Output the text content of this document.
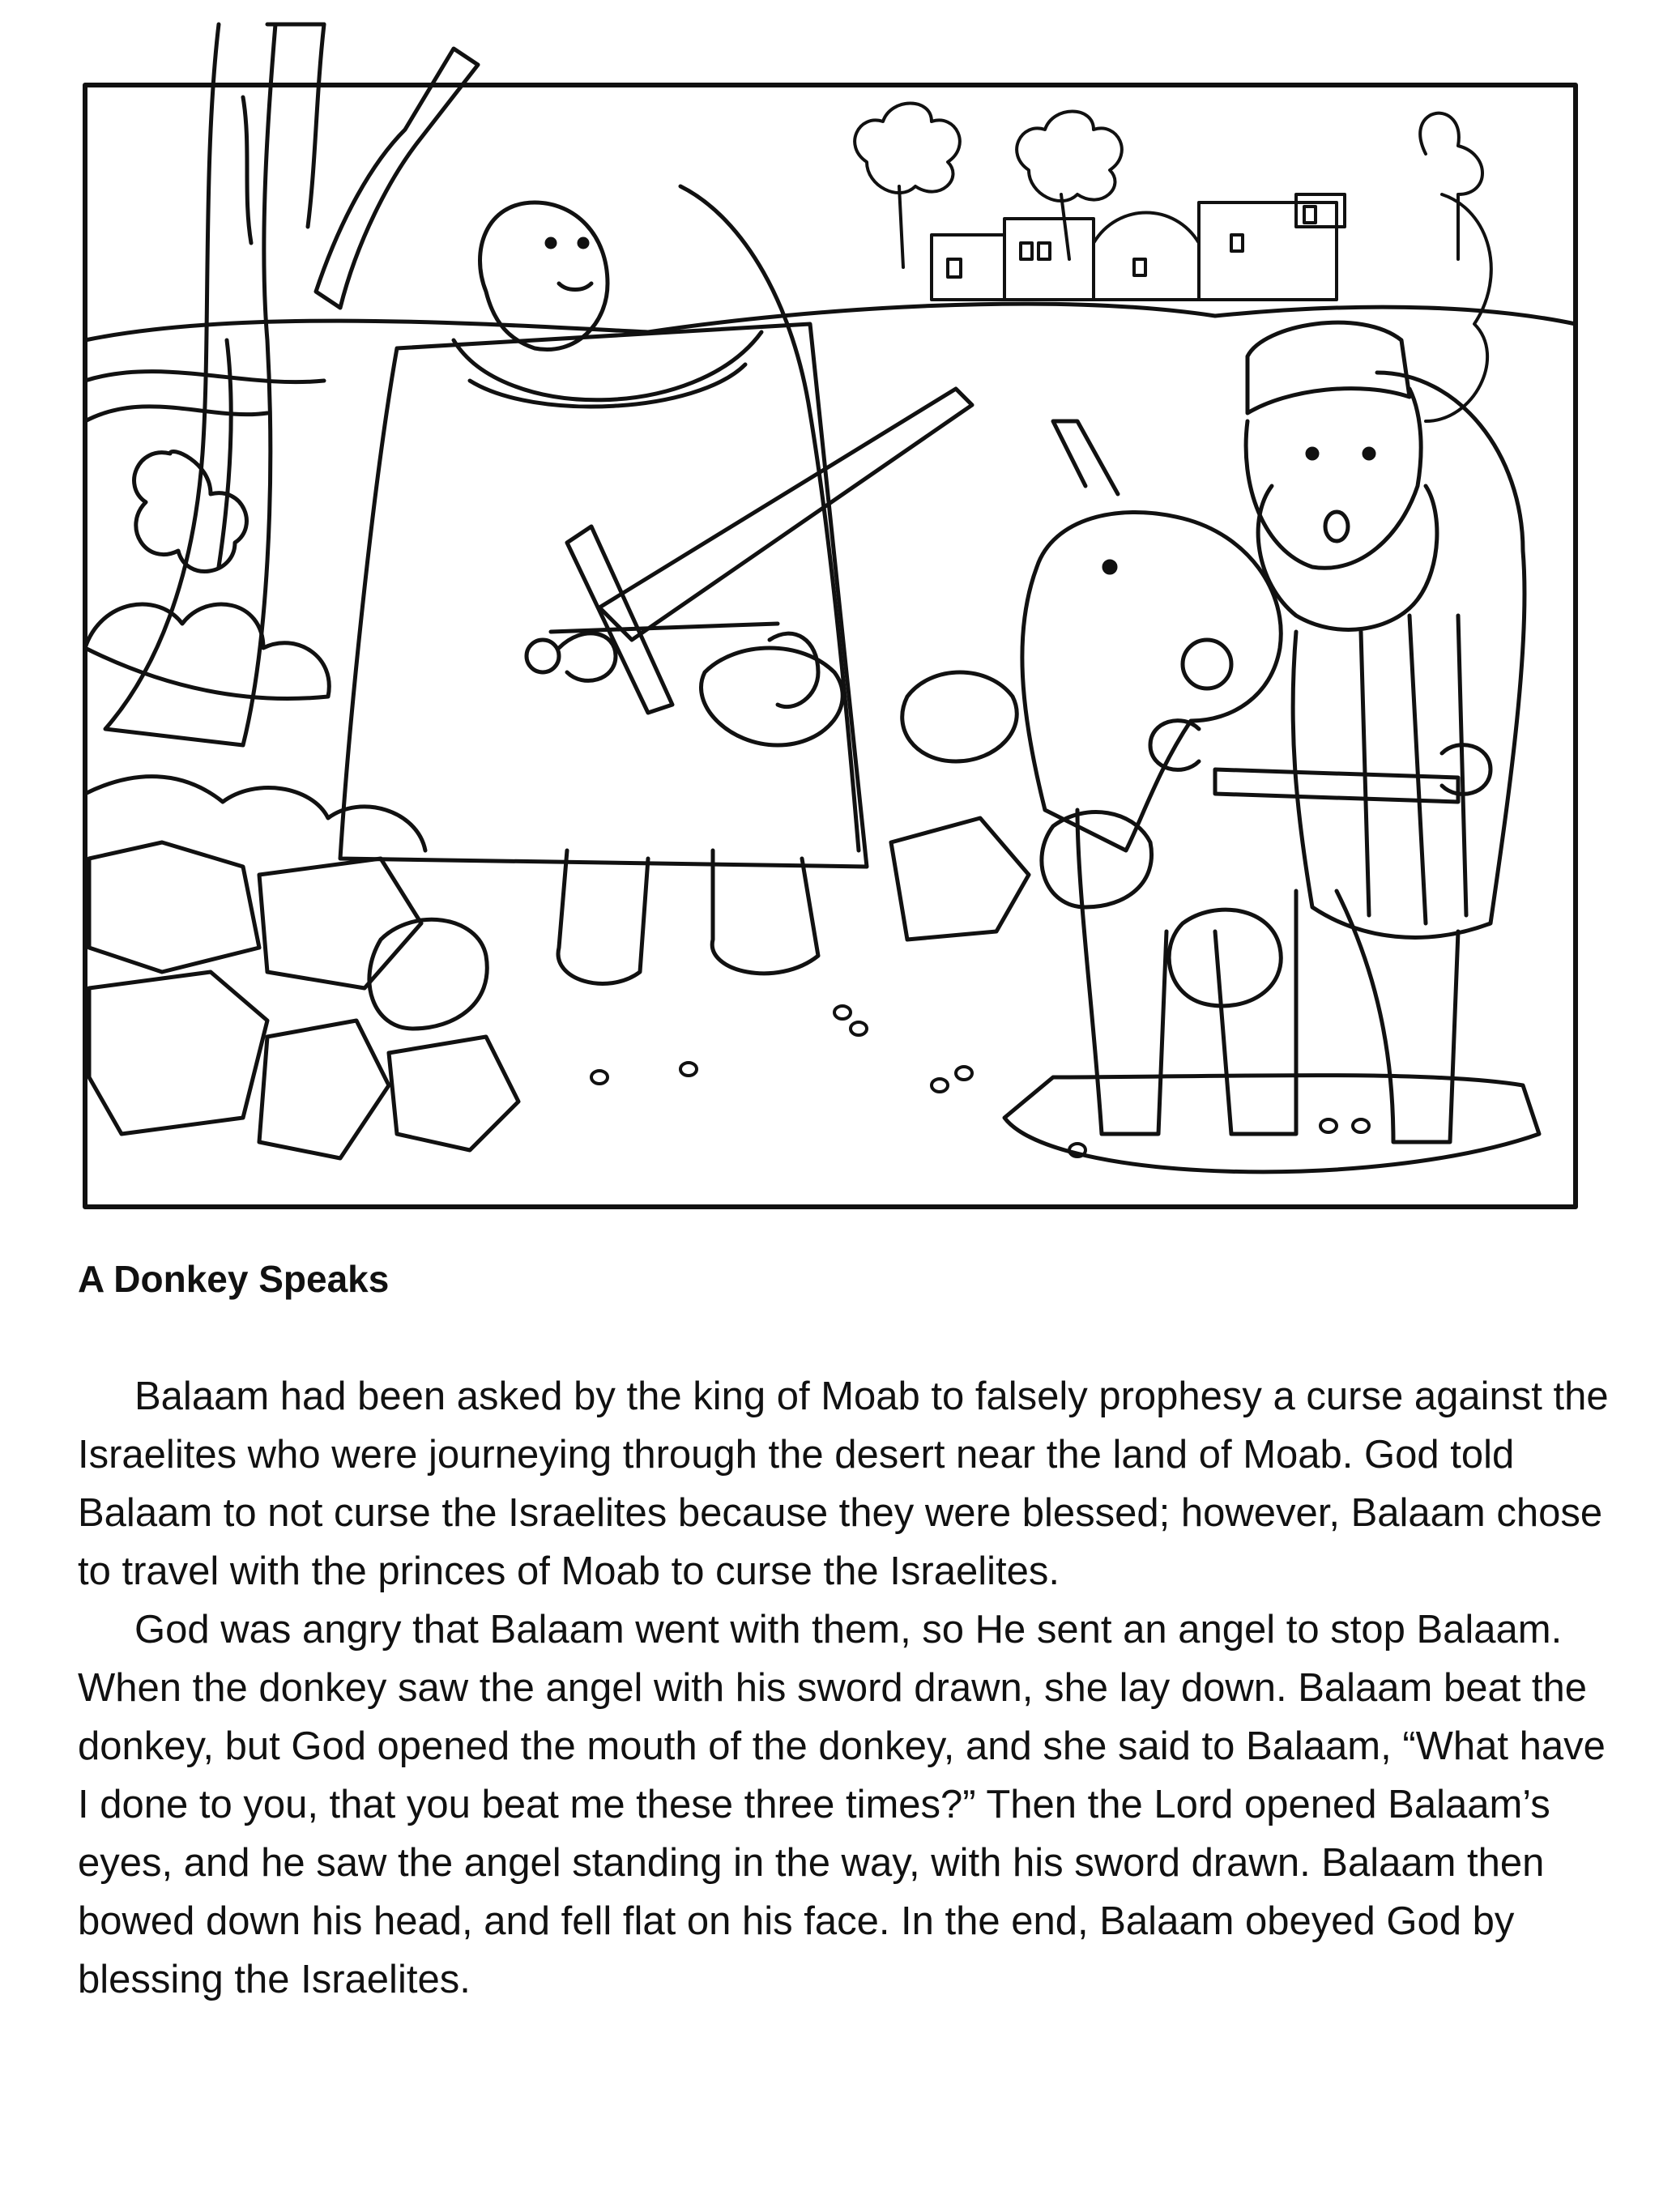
A Donkey Speaks

Balaam had been asked by the king of Moab to falsely prophesy a curse against the Israelites who were journeying through the desert near the land of Moab. God told Balaam to not curse the Israelites because they were blessed; however, Balaam chose to travel with the princes of Moab to curse the Israelites.

God was angry that Balaam went with them, so He sent an angel to stop Balaam. When the donkey saw the angel with his sword drawn, she lay down. Balaam beat the donkey, but God opened the mouth of the donkey, and she said to Balaam, “What have I done to you, that you beat me these three times?” Then the Lord opened Balaam’s eyes, and he saw the angel standing in the way, with his sword drawn. Balaam then bowed down his head, and fell flat on his face. In the end, Balaam obeyed God by blessing the Israelites.
